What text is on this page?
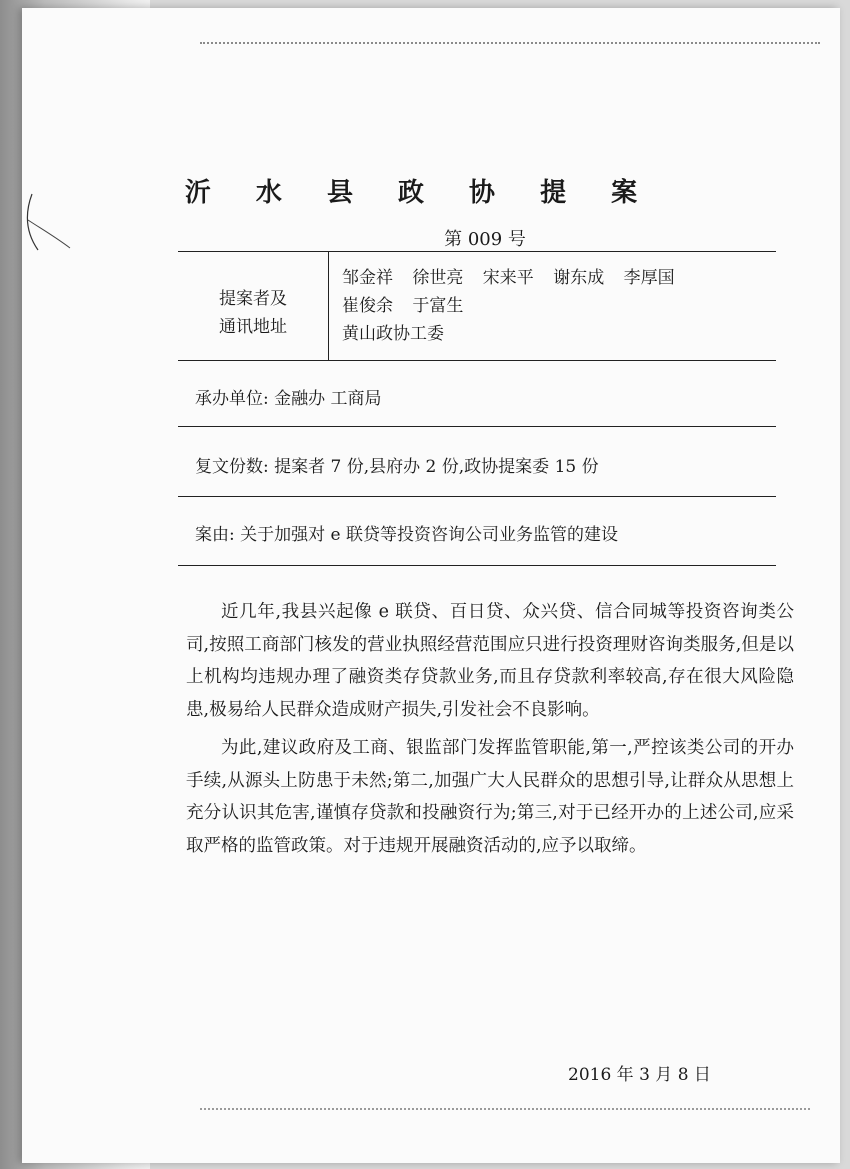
沂 水 县 政 协 提 案
第 009 号
提案者及
通讯地址
邹金祥 徐世亮 宋来平 谢东成 李厚国
崔俊余 于富生
黄山政协工委
承办单位: 金融办 工商局
复文份数: 提案者 7 份,县府办 2 份,政协提案委 15 份
案由: 关于加强对 e 联贷等投资咨询公司业务监管的建设

近几年,我县兴起像 e 联贷、百日贷、众兴贷、信合同城等投资咨询类公司,按照工商部门核发的营业执照经营范围应只进行投资理财咨询类服务,但是以上机构均违规办理了融资类存贷款业务,而且存贷款利率较高,存在很大风险隐患,极易给人民群众造成财产损失,引发社会不良影响。

为此,建议政府及工商、银监部门发挥监管职能,第一,严控该类公司的开办手续,从源头上防患于未然;第二,加强广大人民群众的思想引导,让群众从思想上充分认识其危害,谨慎存贷款和投融资行为;第三,对于已经开办的上述公司,应采取严格的监管政策。对于违规开展融资活动的,应予以取缔。

2016 年 3 月 8 日
